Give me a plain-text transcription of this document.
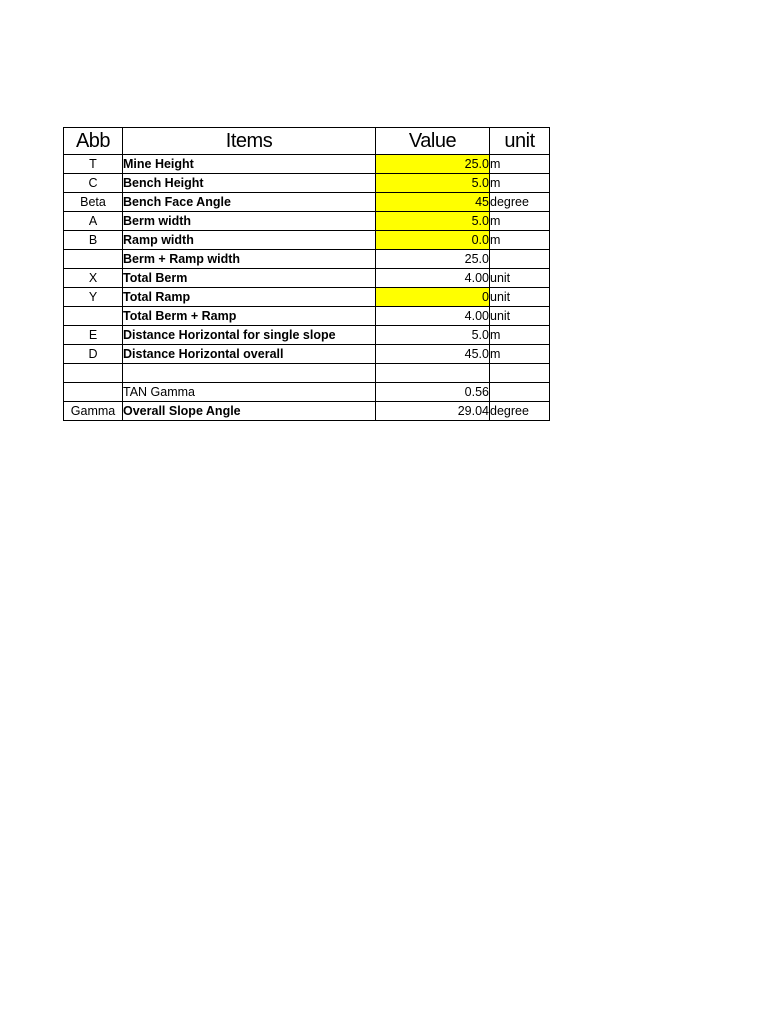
Abb	Items	Value	unit
T	Mine Height	25.0	m
C	Bench Height	5.0	m
Beta	Bench Face Angle	45	degree
A	Berm width	5.0	m
B	Ramp width	0.0	m
	Berm + Ramp width	25.0	
X	Total Berm	4.00	unit
Y	Total Ramp	0	unit
	Total Berm + Ramp	4.00	unit
E	Distance Horizontal for single slope	5.0	m
D	Distance Horizontal overall	45.0	m

	TAN Gamma	0.56	
Gamma	Overall Slope Angle	29.04	degree
